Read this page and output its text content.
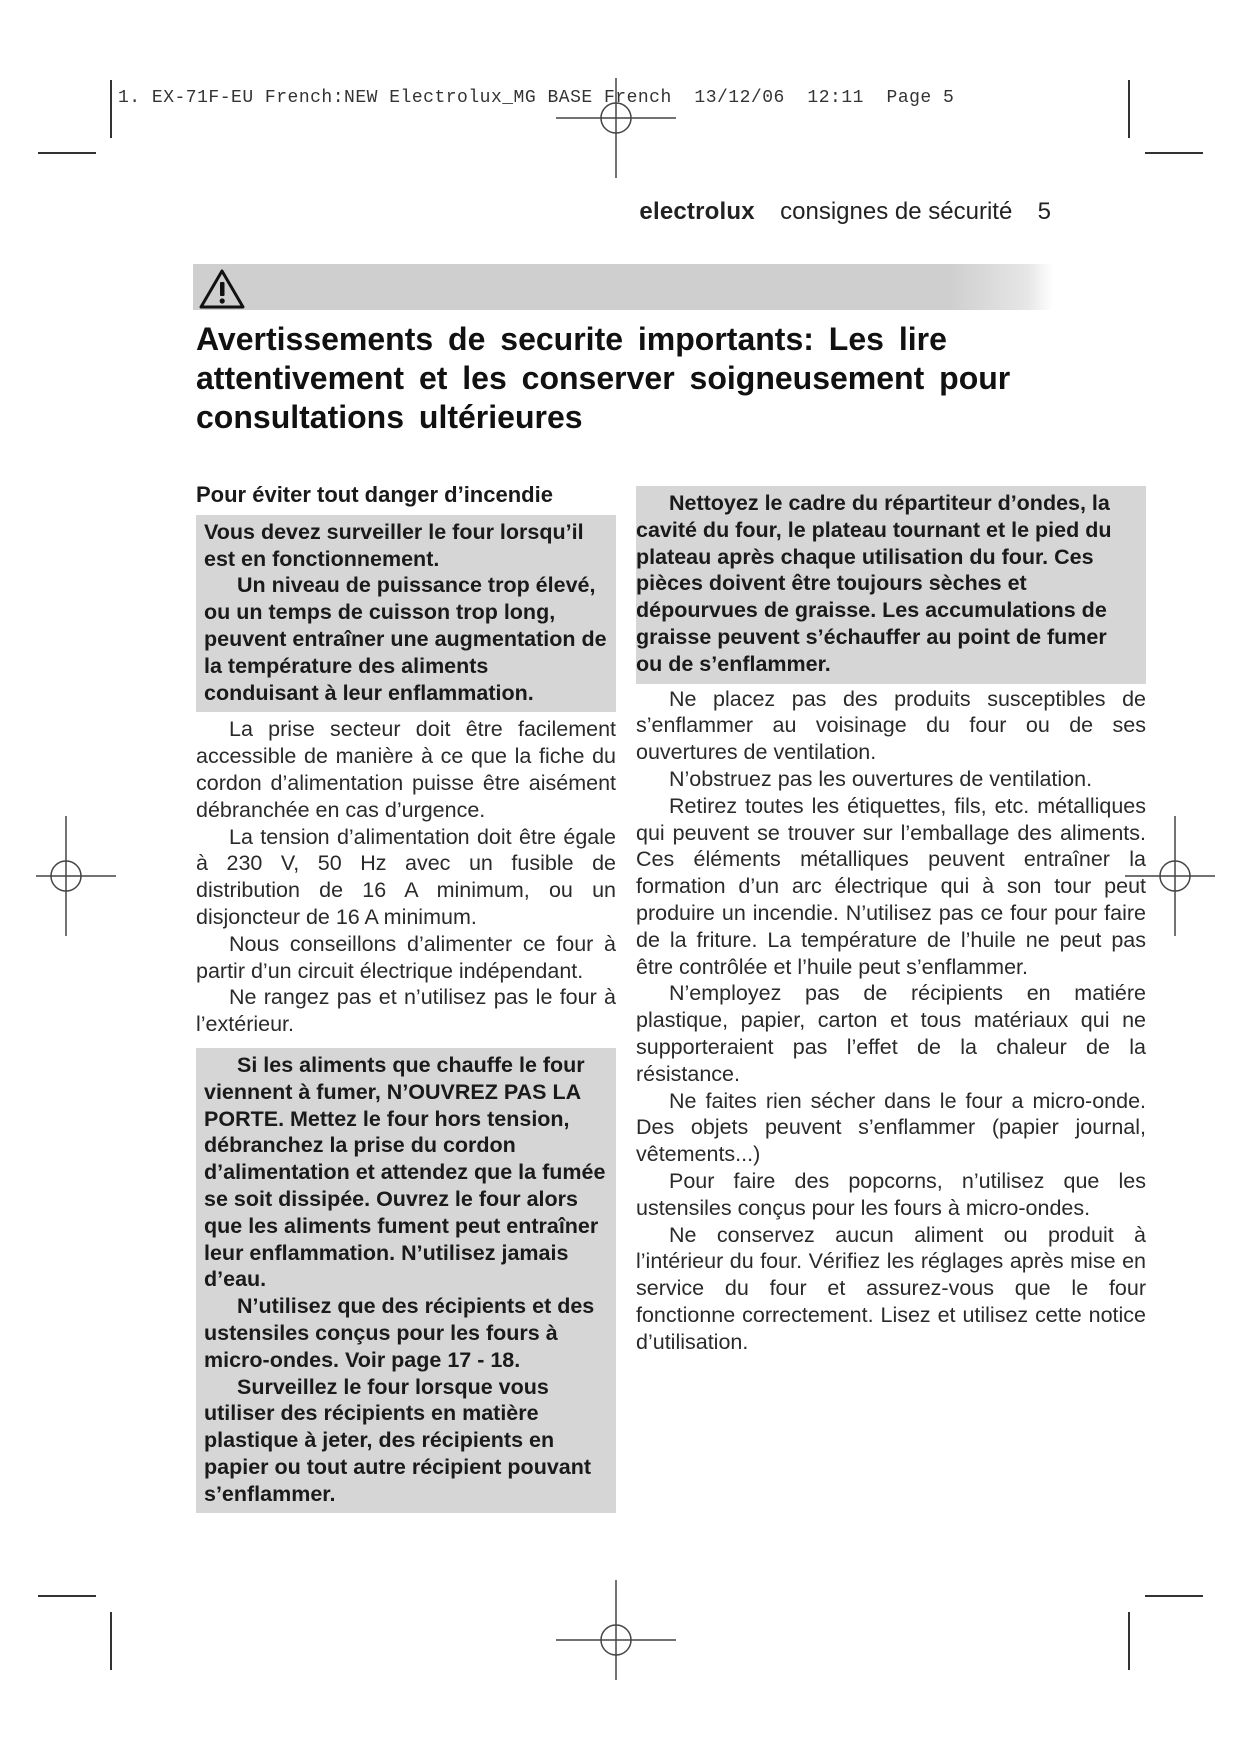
1. EX-71F-EU French:NEW Electrolux_MG BASE French  13/12/06  12:11  Page 5
electrolux consignes de sécurité 5
Avertissements de securite importants: Les lire attentivement et les conserver soigneusement pour consultations ultérieures

Pour éviter tout danger d’incendie

Vous devez surveiller le four lorsqu’il est en fonctionnement.

Un niveau de puissance trop élevé, ou un temps de cuisson trop long, peuvent entraîner une augmentation de la température des aliments conduisant à leur enflammation.

La prise secteur doit être facilement accessible de manière à ce que la fiche du cordon d’alimentation puisse être aisément débranchée en cas d’urgence.

La tension d’alimentation doit être égale à 230 V, 50 Hz avec un fusible de distribution de 16 A minimum, ou un disjoncteur de 16 A minimum.

Nous conseillons d’alimenter ce four à partir d’un circuit électrique indépendant.

Ne rangez pas et n’utilisez pas le four à l’extérieur.

Si les aliments que chauffe le four viennent à fumer, N’OUVREZ PAS LA PORTE. Mettez le four hors tension, débranchez la prise du cordon d’alimentation et attendez que la fumée se soit dissipée. Ouvrez le four alors que les aliments fument peut entraîner leur enflammation. N’utilisez jamais d’eau.

N’utilisez que des récipients et des ustensiles conçus pour les fours à micro-ondes. Voir page 17 - 18.

Surveillez le four lorsque vous utiliser des récipients en matière plastique à jeter, des récipients en papier ou tout autre récipient pouvant s’enflammer.

Nettoyez le cadre du répartiteur d’ondes, la cavité du four, le plateau tournant et le pied du plateau après chaque utilisation du four. Ces pièces doivent être toujours sèches et dépourvues de graisse. Les accumulations de graisse peuvent s’échauffer au point de fumer ou de s’enflammer.

Ne placez pas des produits susceptibles de s’enflammer au voisinage du four ou de ses ouvertures de ventilation.

N’obstruez pas les ouvertures de ventilation.

Retirez toutes les étiquettes, fils, etc. métalliques qui peuvent se trouver sur l’emballage des aliments. Ces éléments métalliques peuvent entraîner la formation d’un arc électrique qui à son tour peut produire un incendie. N’utilisez pas ce four pour faire de la friture. La température de l’huile ne peut pas être contrôlée et l’huile peut s’enflammer.

N’employez pas de récipients en matiére plastique, papier, carton et tous matériaux qui ne supporteraient pas l’effet de la chaleur de la résistance.

Ne faites rien sécher dans le four a micro-onde. Des objets peuvent s’enflammer (papier journal, vêtements...)

Pour faire des popcorns, n’utilisez que les ustensiles conçus pour les fours à micro-ondes.

Ne conservez aucun aliment ou produit à l’intérieur du four. Vérifiez les réglages après mise en service du four et assurez-vous que le four fonctionne correctement. Lisez et utilisez cette notice d’utilisation.
